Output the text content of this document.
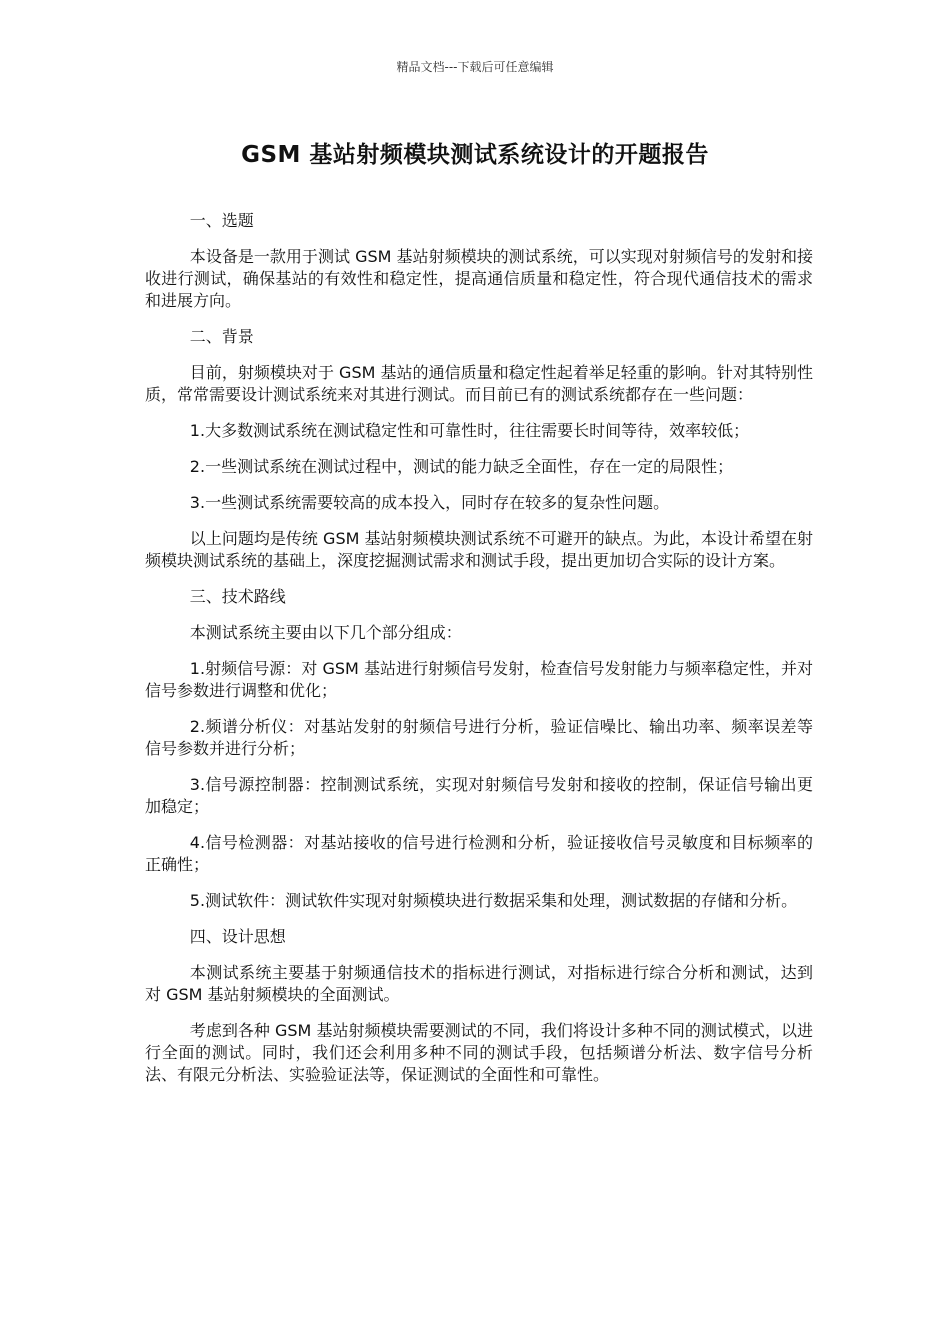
精品文档---下载后可任意编辑
GSM 基站射频模块测试系统设计的开题报告

一、选题

本设备是一款用于测试 GSM 基站射频模块的测试系统，可以实现对射频信号的发射和接收进行测试，确保基站的有效性和稳定性，提高通信质量和稳定性，符合现代通信技术的需求和进展方向。

二、背景

目前，射频模块对于 GSM 基站的通信质量和稳定性起着举足轻重的影响。针对其特别性质，常常需要设计测试系统来对其进行测试。而目前已有的测试系统都存在一些问题：

1.大多数测试系统在测试稳定性和可靠性时，往往需要长时间等待，效率较低；

2.一些测试系统在测试过程中，测试的能力缺乏全面性，存在一定的局限性；

3.一些测试系统需要较高的成本投入，同时存在较多的复杂性问题。

以上问题均是传统 GSM 基站射频模块测试系统不可避开的缺点。为此，本设计希望在射频模块测试系统的基础上，深度挖掘测试需求和测试手段，提出更加切合实际的设计方案。

三、技术路线

本测试系统主要由以下几个部分组成：

1.射频信号源：对 GSM 基站进行射频信号发射，检查信号发射能力与频率稳定性，并对信号参数进行调整和优化；

2.频谱分析仪：对基站发射的射频信号进行分析，验证信噪比、输出功率、频率误差等信号参数并进行分析；

3.信号源控制器：控制测试系统，实现对射频信号发射和接收的控制，保证信号输出更加稳定；

4.信号检测器：对基站接收的信号进行检测和分析，验证接收信号灵敏度和目标频率的正确性；

5.测试软件：测试软件实现对射频模块进行数据采集和处理，测试数据的存储和分析。

四、设计思想

本测试系统主要基于射频通信技术的指标进行测试，对指标进行综合分析和测试，达到对 GSM 基站射频模块的全面测试。

考虑到各种 GSM 基站射频模块需要测试的不同，我们将设计多种不同的测试模式，以进行全面的测试。同时，我们还会利用多种不同的测试手段，包括频谱分析法、数字信号分析法、有限元分析法、实验验证法等，保证测试的全面性和可靠性。
